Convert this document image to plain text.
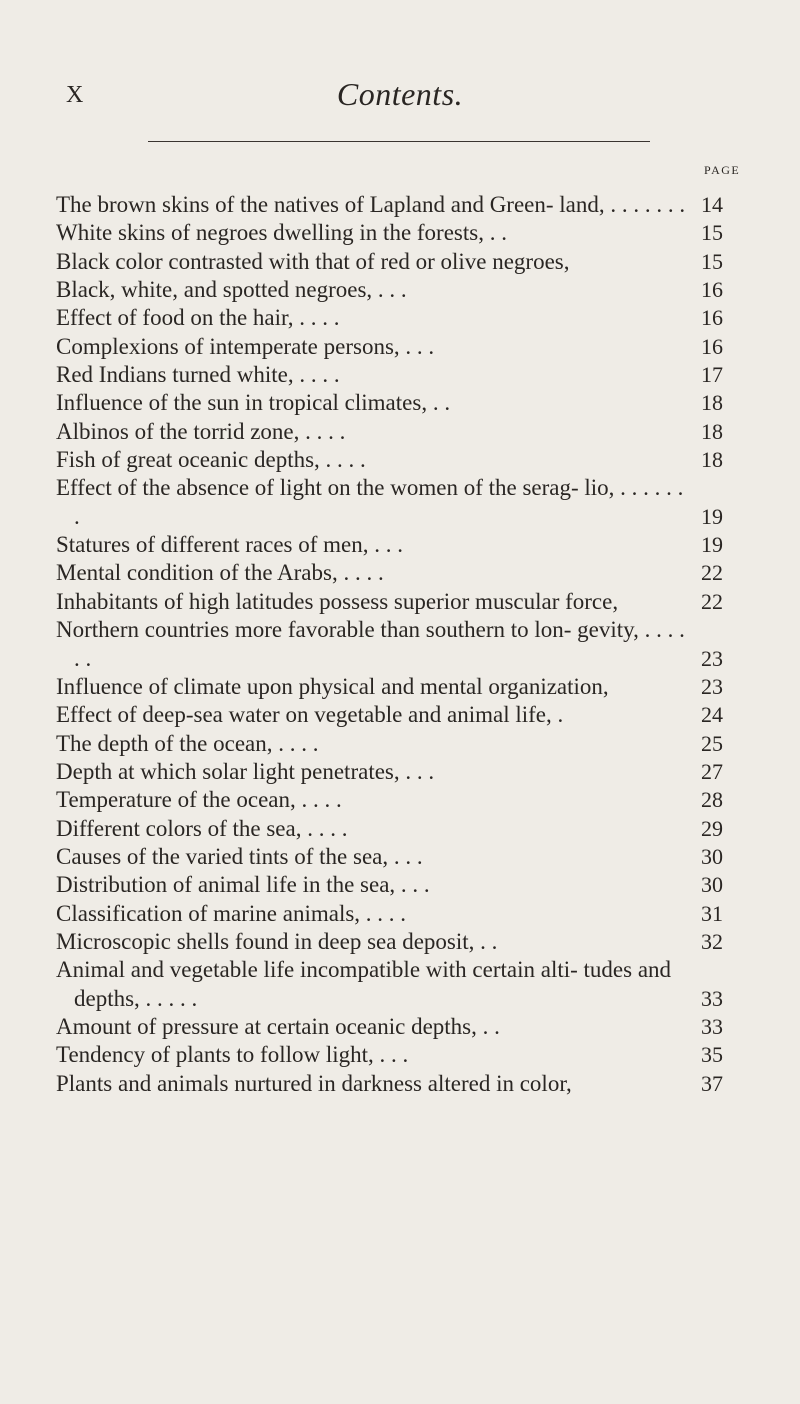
X	Contents.
PAGE
The brown skins of the natives of Lapland and Green- land, . . . . . . . 14
White skins of negroes dwelling in the forests, . .	15
Black color contrasted with that of red or olive negroes,	15
Black, white, and spotted negroes, . . .	16
Effect of food on the hair, . . . .	16
Complexions of intemperate persons, . . .	16
Red Indians turned white, . . . .	17
Influence of the sun in tropical climates, . .	18
Albinos of the torrid zone, . . . .	18
Fish of great oceanic depths, . . . .	18
Effect of the absence of light on the women of the serag- lio, . . . . . . .	19
Statures of different races of men, . . .	19
Mental condition of the Arabs, . . . .	22
Inhabitants of high latitudes possess superior muscular force,	22
Northern countries more favorable than southern to lon- gevity, . . . . . .	23
Influence of climate upon physical and mental organization,	23
Effect of deep-sea water on vegetable and animal life, .	24
The depth of the ocean, . . . .	25
Depth at which solar light penetrates, . . .	27
Temperature of the ocean, . . . .	28
Different colors of the sea, . . . .	29
Causes of the varied tints of the sea, . . .	30
Distribution of animal life in the sea, . . .	30
Classification of marine animals, . . . .	31
Microscopic shells found in deep sea deposit, . .	32
Animal and vegetable life incompatible with certain alti- tudes and depths, . . . . .	33
Amount of pressure at certain oceanic depths, . .	33
Tendency of plants to follow light, . . .	35
Plants and animals nurtured in darkness altered in color,	37
